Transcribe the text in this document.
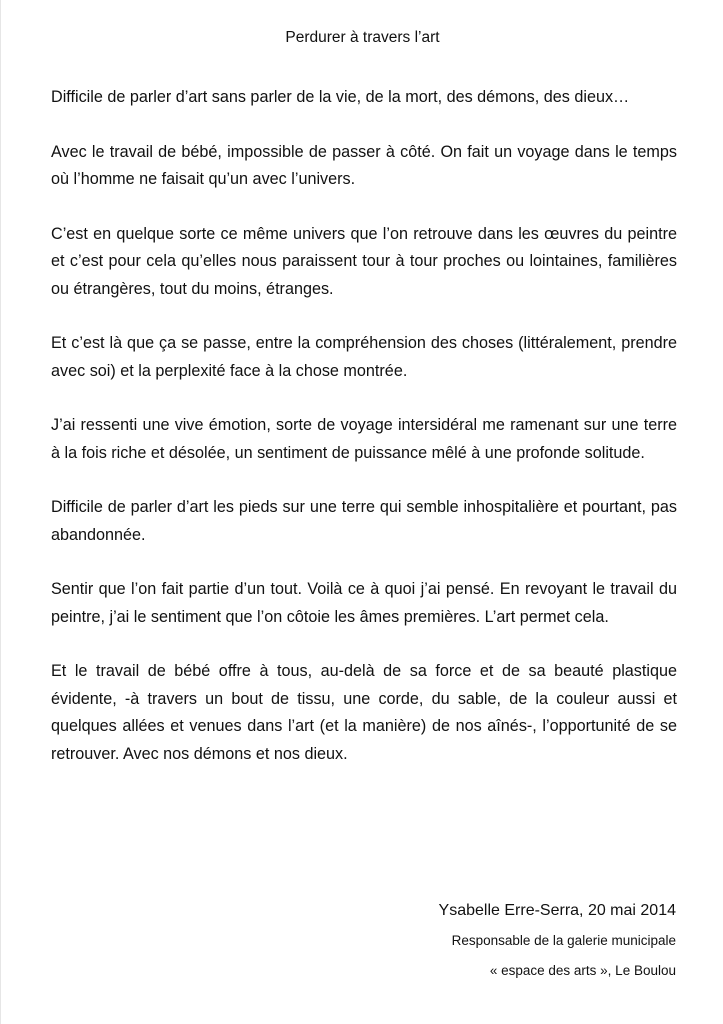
Perdurer à travers l’art

Difficile de parler d’art sans parler de la vie, de la mort, des démons, des dieux…

Avec le travail de bébé, impossible de passer à côté. On fait un voyage dans le temps où l’homme ne faisait qu’un avec l’univers.

C’est en quelque sorte ce même univers que l’on retrouve dans les œuvres du peintre et c’est pour cela qu’elles nous paraissent tour à tour proches ou lointaines, familières ou étrangères, tout du moins, étranges.

Et c’est là que ça se passe, entre la compréhension des choses (littéralement, prendre avec soi) et la perplexité face à la chose montrée.

J’ai ressenti une vive émotion, sorte de voyage intersidéral me ramenant sur une terre à la fois riche et désolée, un sentiment de puissance mêlé à une profonde solitude.

Difficile de parler d’art les pieds sur une terre qui semble inhospitalière et pourtant, pas abandonnée.

Sentir que l’on fait partie d’un tout. Voilà ce à quoi j’ai pensé. En revoyant le travail du peintre, j’ai le sentiment que l’on côtoie les âmes premières. L’art permet cela.

Et le travail de bébé offre à tous, au-delà de sa force et de sa beauté plastique évidente, -à travers un bout de tissu, une corde, du sable, de la couleur aussi et quelques allées et venues dans l’art (et la manière) de nos aînés-, l’opportunité de se retrouver. Avec nos démons et nos dieux.

Ysabelle Erre-Serra, 20 mai 2014

Responsable de la galerie municipale

« espace des arts », Le Boulou
